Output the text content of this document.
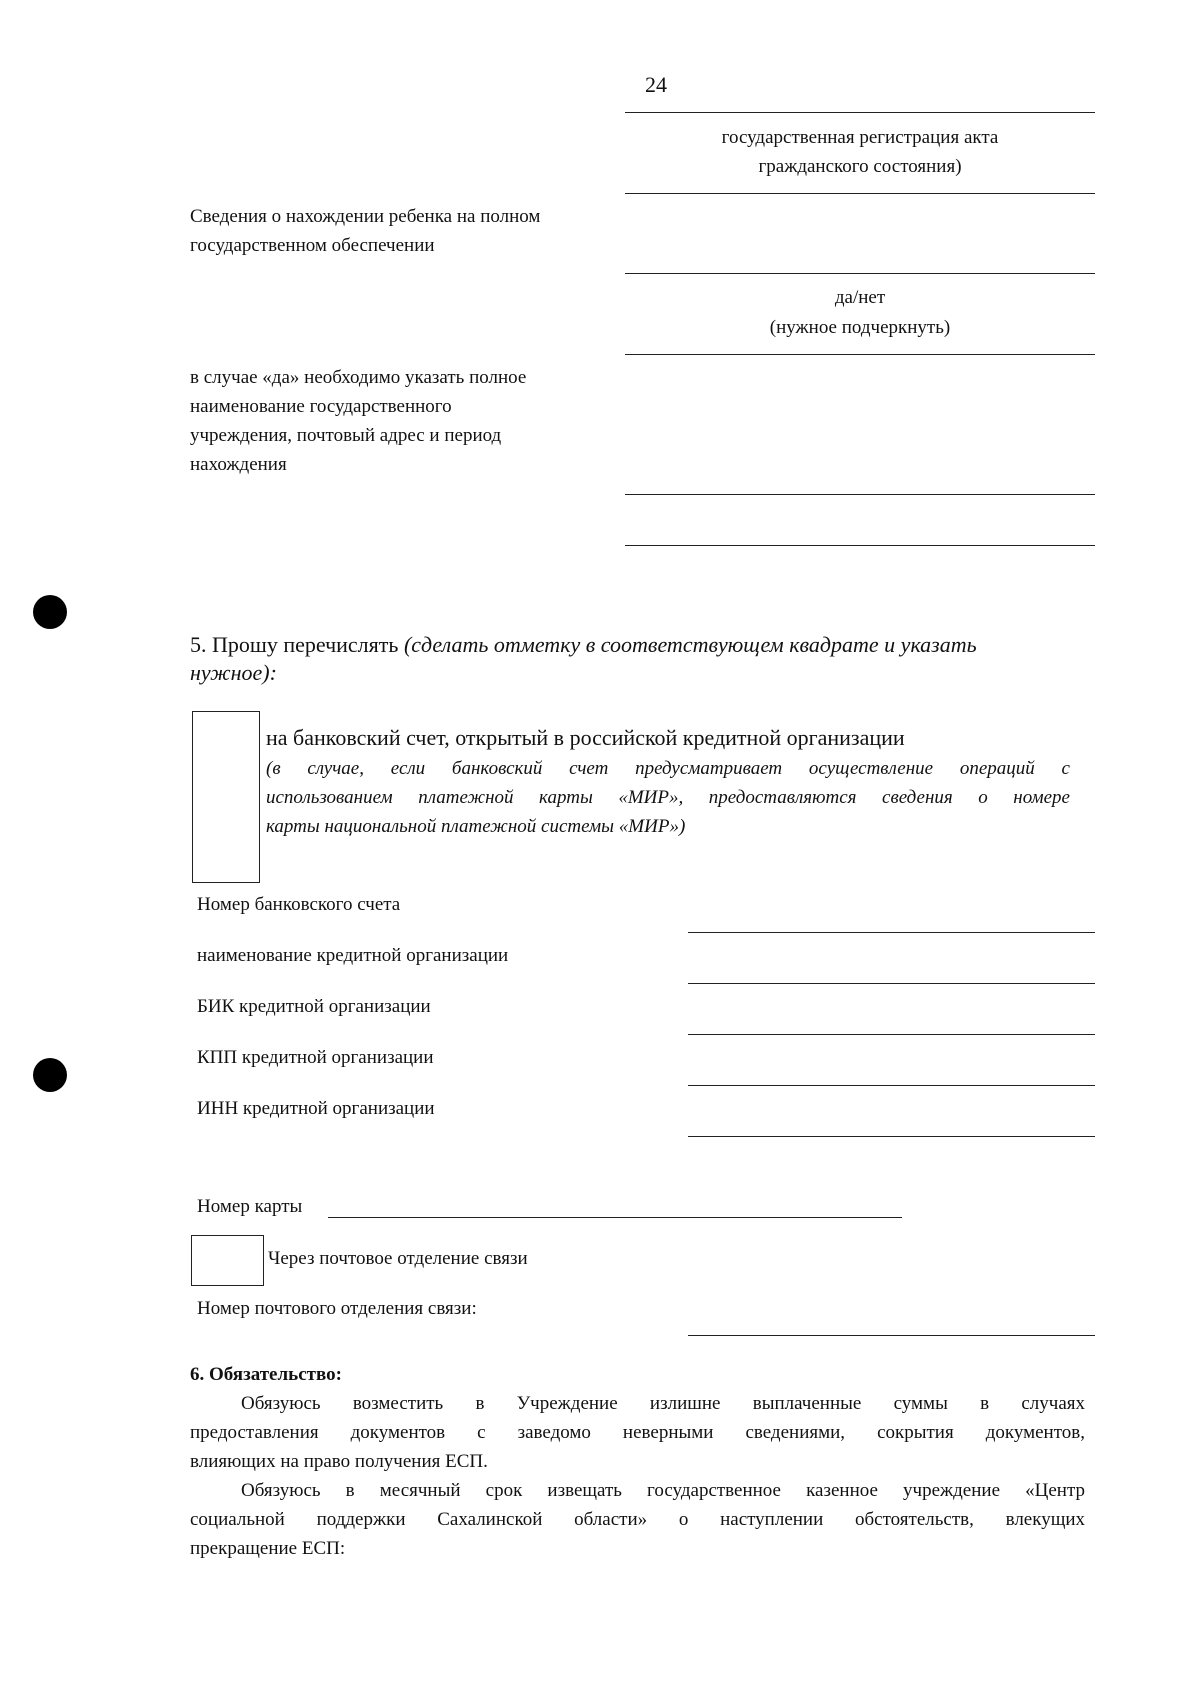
24
государственная регистрация акта
гражданского состояния)
Сведения о нахождении ребенка на полном
государственном обеспечении
да/нет
(нужное подчеркнуть)
в случае «да» необходимо указать полное
наименование государственного
учреждения, почтовый адрес и период
нахождения
5. Прошу перечислять (сделать отметку в соответствующем квадрате и указать
нужное):
на банковский счет, открытый в российской кредитной организации
(в случае, если банковский счет предусматривает осуществление операций с
использованием платежной карты «МИР», предоставляются сведения о номере
карты национальной платежной системы «МИР»)
Номер банковского счета
наименование кредитной организации
БИК кредитной организации
КПП кредитной организации
ИНН кредитной организации
Номер карты
Через почтовое отделение связи
Номер почтового отделения связи:
6. Обязательство:
Обязуюсь возместить в Учреждение излишне выплаченные суммы в случаях
предоставления документов с заведомо неверными сведениями, сокрытия документов,
влияющих на право получения ЕСП.
Обязуюсь в месячный срок извещать государственное казенное учреждение «Центр
социальной поддержки Сахалинской области» о наступлении обстоятельств, влекущих
прекращение ЕСП:
